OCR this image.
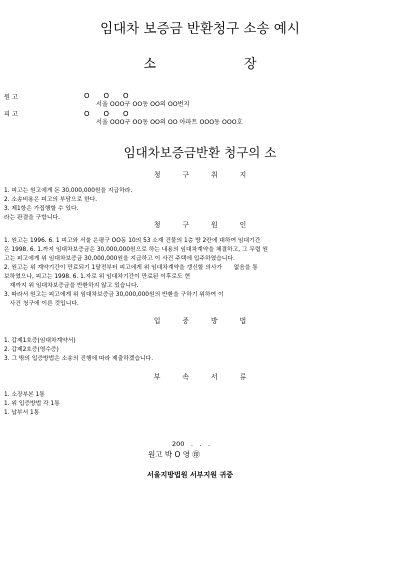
임대차 보증금 반환청구 소송 예시
소	장
원 고	O　　O　　O
서울 OOO구 OO동 OO의 OO번지
피 고	O　　O　　O
서울 OOO구 OO동 OO의 OO 아파트 OOO동 OOO호
임대차보증금반환 청구의 소
청	구	취	지
1. 피고는 원고에게 돈 30,000,000원을 지급하라.
2. 소송비용은 피고의 부담으로 한다.
3. 제1항은 가집행할 수 있다.
라는 판결을 구합니다.
청	구	원	인
1. 원고는 1996. 6. 1 피고와 서울 은평구 OO동 10의 53 소재 건물의 1층 방 2칸에 대하여 임대기간
은 1998. 6. 1.까지 임대차보증금은 30,000,000원으로 하는 내용의 임대차계약을 체결하고, 그 무렵 원
고는 피고에게 위 임대차보증금 30,000,000원을 지급하고 이 사건 주택에 입주하였습니다.
2. 원고는 위 계약기간이 만료되기 1달전부터 피고에게 위 임대차계약을 갱신할 의사가　　없음을 통
보하였으나, 피고는 1998. 6. 1.자로 위 임대차기간이 만료된 이후로도 현
　재까지 위 임대차보증금을 반환하지 않고 있습니다.
3. 따라서 원고는 피고에게 위 임대차보증금 30,000,000원의 반환을 구하기 위하여 이
　사건 청구에 이른 것입니다.
입	증	방	법
1. 갑제1호증(임대차계약서)
2. 갑제2호증(영수증)
3. 그 밖의 입증방법은 소송의 진행에 따라 제출하겠습니다.
부	속	서	류
1. 소장부본 1통
1. 위 입증방법 각 1통
1. 납부서 1통
200　.　.　.
원고 박 O 영 ㊞
서울지방법원 서부지원 귀중
